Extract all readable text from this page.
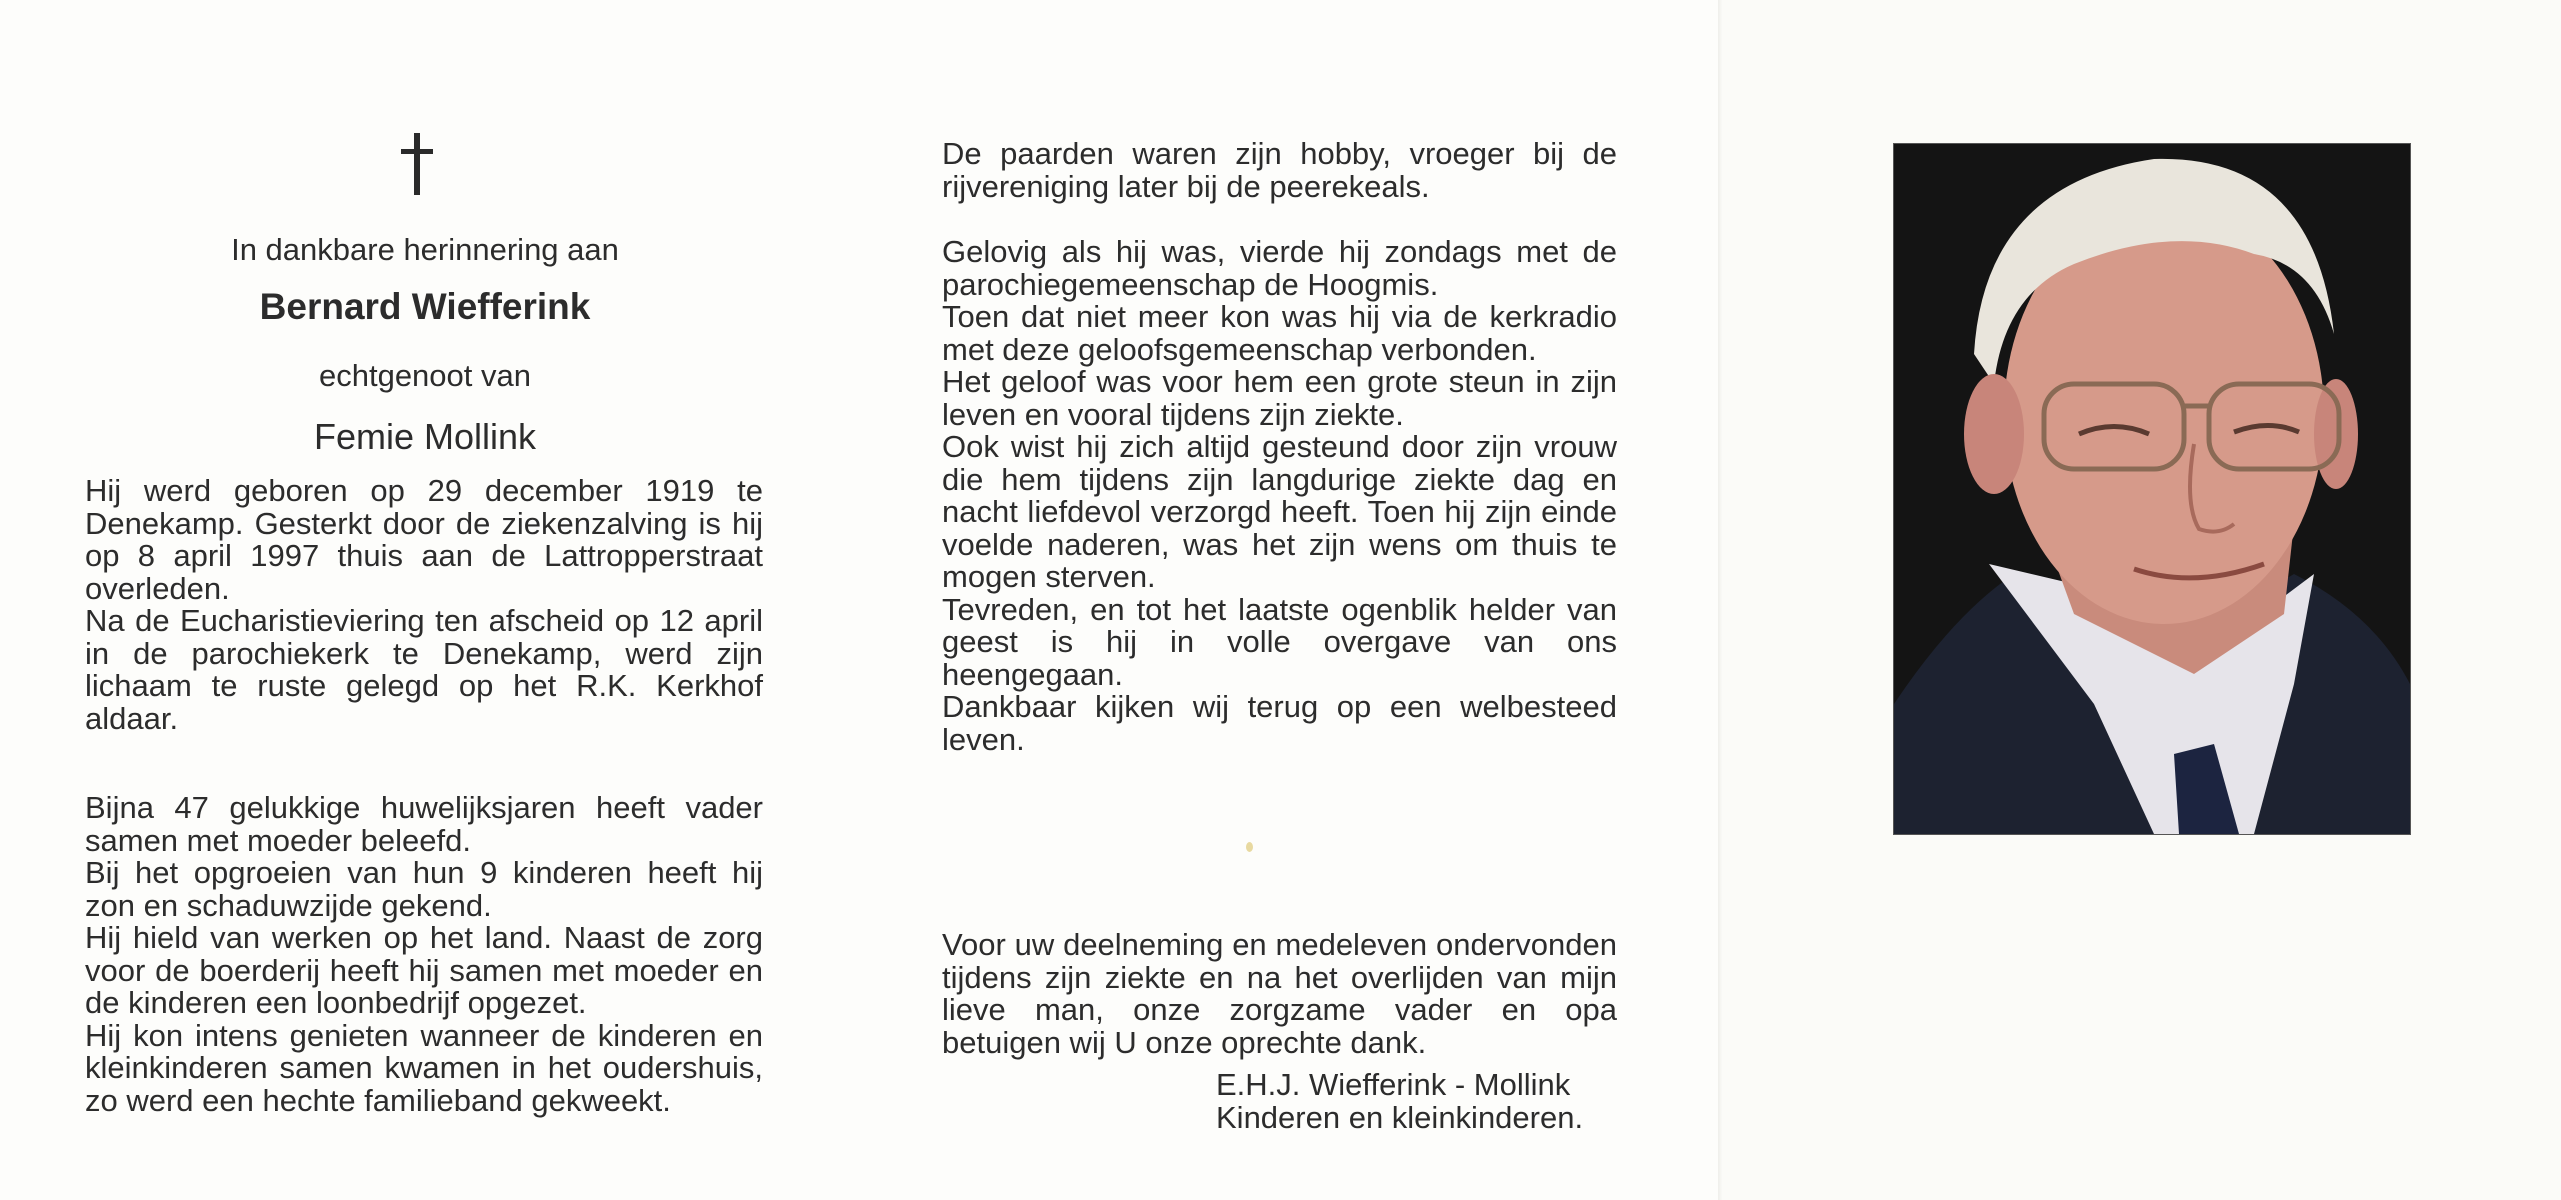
In dankbare herinnering aan
Bernard Wiefferink
echtgenoot van
Femie Mollink

Hij werd geboren op 29 december 1919 te Denekamp. Gesterkt door de ziekenzalving is hij op 8 april 1997 thuis aan de Lattropperstraat overleden.

Na de Eucharistieviering ten afscheid op 12 april in de parochiekerk te Denekamp, werd zijn lichaam te ruste gelegd op het R.K. Kerkhof aldaar.

Bijna 47 gelukkige huwelijksjaren heeft vader samen met moeder beleefd.

Bij het opgroeien van hun 9 kinderen heeft hij zon en schaduwzijde gekend.

Hij hield van werken op het land. Naast de zorg voor de boerderij heeft hij samen met moeder en de kinderen een loonbedrijf opgezet.

Hij kon intens genieten wanneer de kinderen en kleinkinderen samen kwamen in het oudershuis, zo werd een hechte familieband gekweekt.

De paarden waren zijn hobby, vroeger bij de rijvereniging later bij de peerekeals.

Gelovig als hij was, vierde hij zondags met de parochiegemeenschap de Hoogmis.

Toen dat niet meer kon was hij via de kerkradio met deze geloofsgemeenschap verbonden.

Het geloof was voor hem een grote steun in zijn leven en vooral tijdens zijn ziekte.

Ook wist hij zich altijd gesteund door zijn vrouw die hem tijdens zijn langdurige ziekte dag en nacht liefdevol verzorgd heeft. Toen hij zijn einde voelde naderen, was het zijn wens om thuis te mogen sterven.

Tevreden, en tot het laatste ogenblik helder van geest is hij in volle overgave van ons heengegaan.

Dankbaar kijken wij terug op een welbesteed leven.

Voor uw deelneming en medeleven ondervonden tijdens zijn ziekte en na het overlijden van mijn lieve man, onze zorgzame vader en opa betuigen wij U onze oprechte dank.

E.H.J. Wiefferink - Mollink
Kinderen en kleinkinderen.
